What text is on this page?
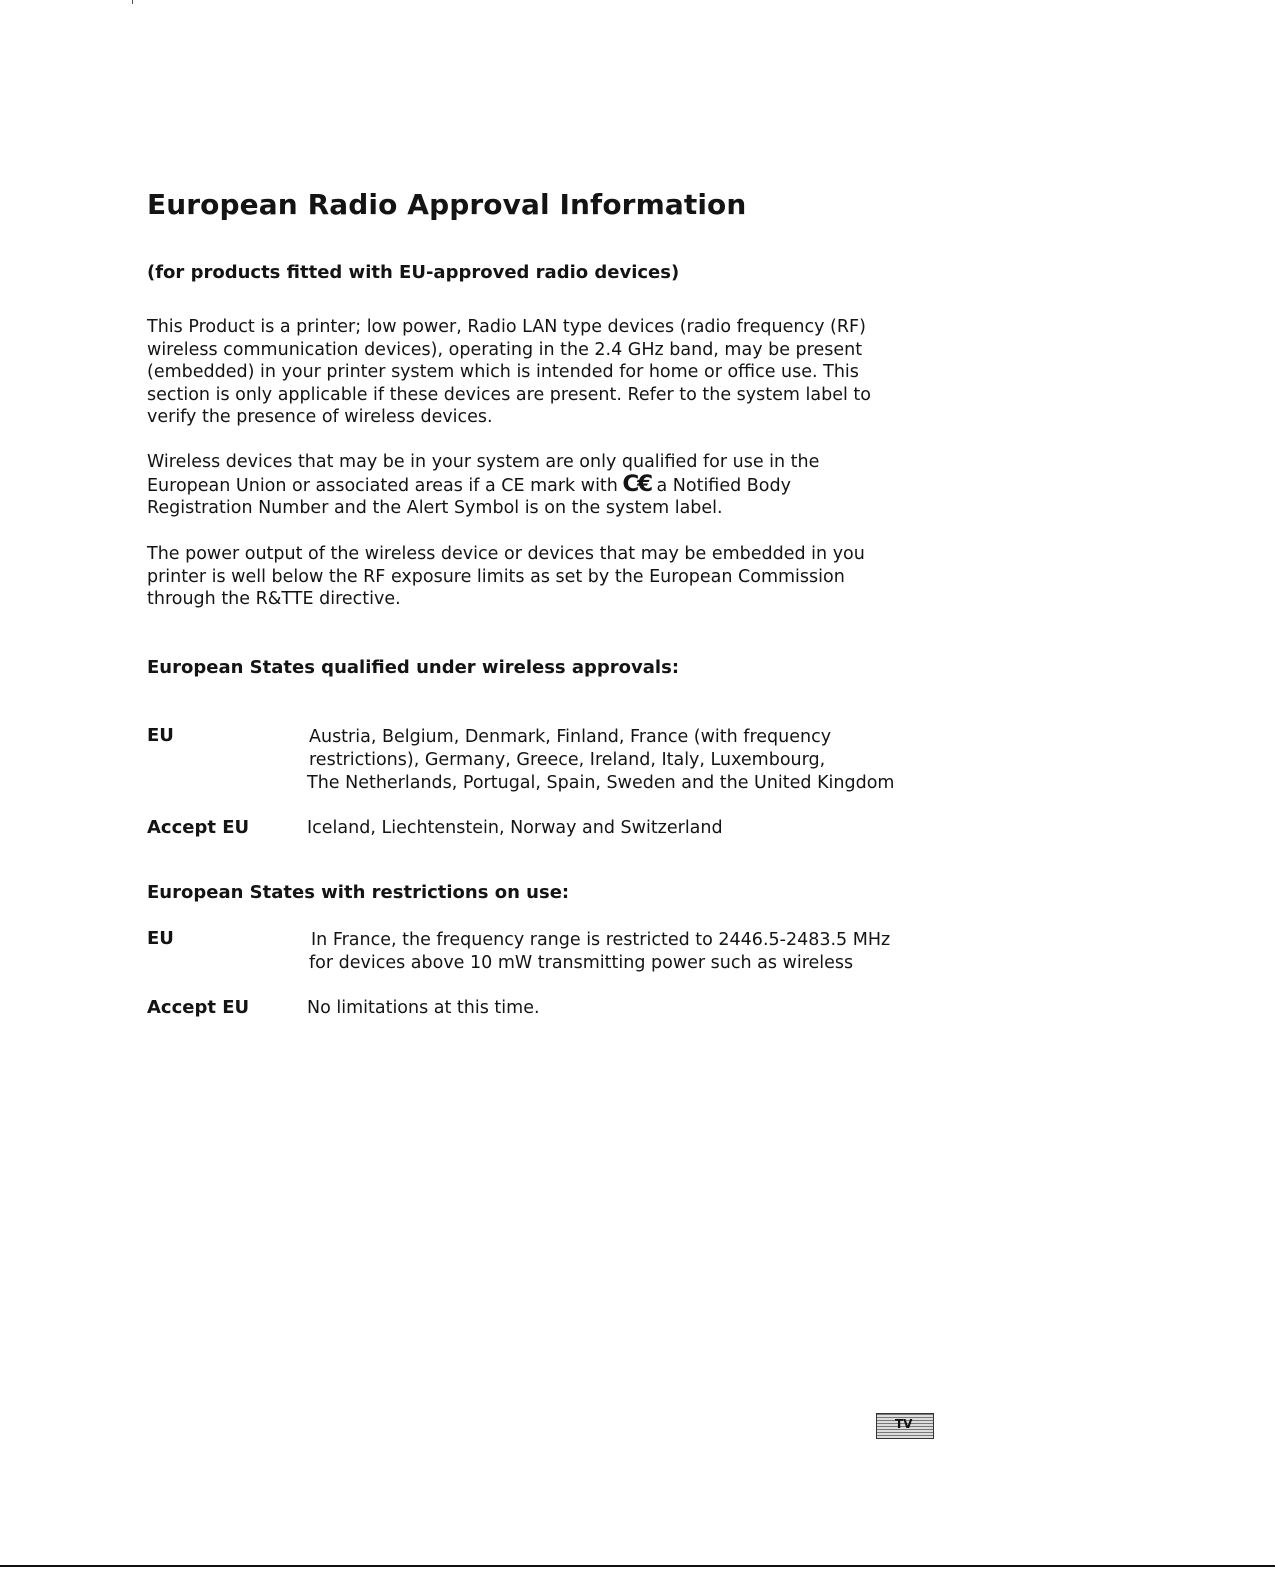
European Radio Approval Information
(for products fitted with EU-approved radio devices)
This Product is a printer; low power, Radio LAN type devices (radio frequency (RF)
wireless communication devices), operating in the 2.4 GHz band, may be present
(embedded) in your printer system which is intended for home or office use. This
section is only applicable if these devices are present. Refer to the system label to
verify the presence of wireless devices.
Wireless devices that may be in your system are only qualified for use in the
European Union or associated areas if a CE mark with C€ a Notified Body
Registration Number and the Alert Symbol is on the system label.
The power output of the wireless device or devices that may be embedded in you
printer is well below the RF exposure limits as set by the European Commission
through the R&TTE directive.
European States qualified under wireless approvals:
EU	Austria, Belgium, Denmark, Finland, France (with frequency
restrictions), Germany, Greece, Ireland, Italy, Luxembourg,
The Netherlands, Portugal, Spain, Sweden and the United Kingdom
Accept EU	Iceland, Liechtenstein, Norway and Switzerland
European States with restrictions on use:
EU	In France, the frequency range is restricted to 2446.5-2483.5 MHz
for devices above 10 mW transmitting power such as wireless
Accept EU	No limitations at this time.
TV
